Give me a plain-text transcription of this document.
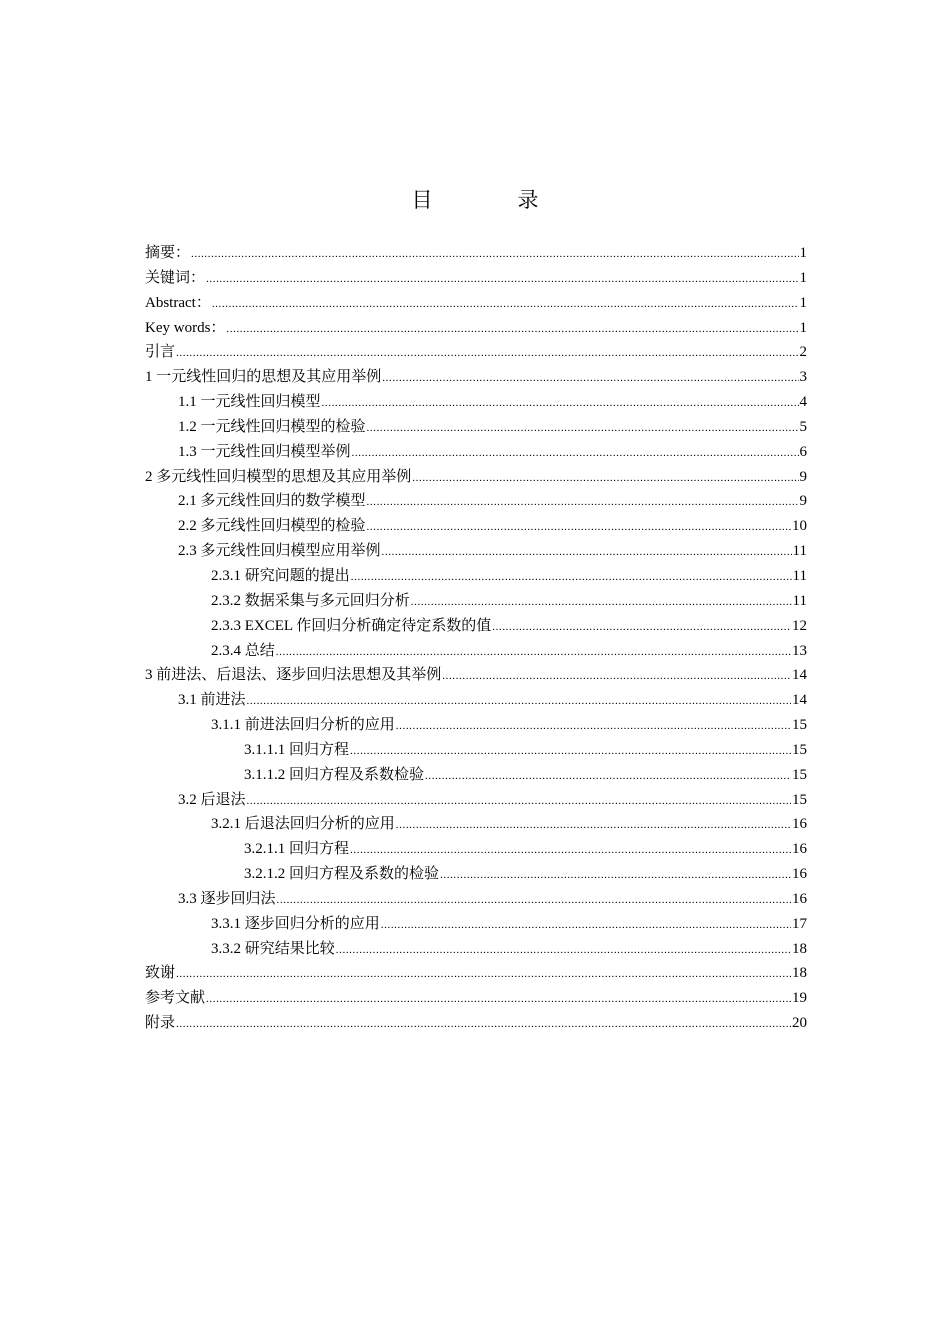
目　录
摘要： .....	1
关键词： .....	1
Abstract： .....	1
Key words： .....	1
引言 .....	2
1 一元线性回归的思想及其应用举例 .....	3
1.1 一元线性回归模型 .....	4
1.2 一元线性回归模型的检验 .....	5
1.3 一元线性回归模型举例 .....	6
2 多元线性回归模型的思想及其应用举例 .....	9
2.1 多元线性回归的数学模型 .....	9
2.2 多元线性回归模型的检验 .....	10
2.3 多元线性回归模型应用举例 .....	11
2.3.1 研究问题的提出 .....	11
2.3.2 数据采集与多元回归分析 .....	11
2.3.3 EXCEL 作回归分析确定待定系数的值 .....	12
2.3.4 总结 .....	13
3 前进法、后退法、逐步回归法思想及其举例 .....	14
3.1 前进法 .....	14
3.1.1 前进法回归分析的应用 .....	15
3.1.1.1 回归方程 .....	15
3.1.1.2 回归方程及系数检验 .....	15
3.2 后退法 .....	15
3.2.1 后退法回归分析的应用 .....	16
3.2.1.1 回归方程 .....	16
3.2.1.2 回归方程及系数的检验 .....	16
3.3 逐步回归法 .....	16
3.3.1 逐步回归分析的应用 .....	17
3.3.2 研究结果比较 .....	18
致谢 .....	18
参考文献 .....	19
附录 .....	20
